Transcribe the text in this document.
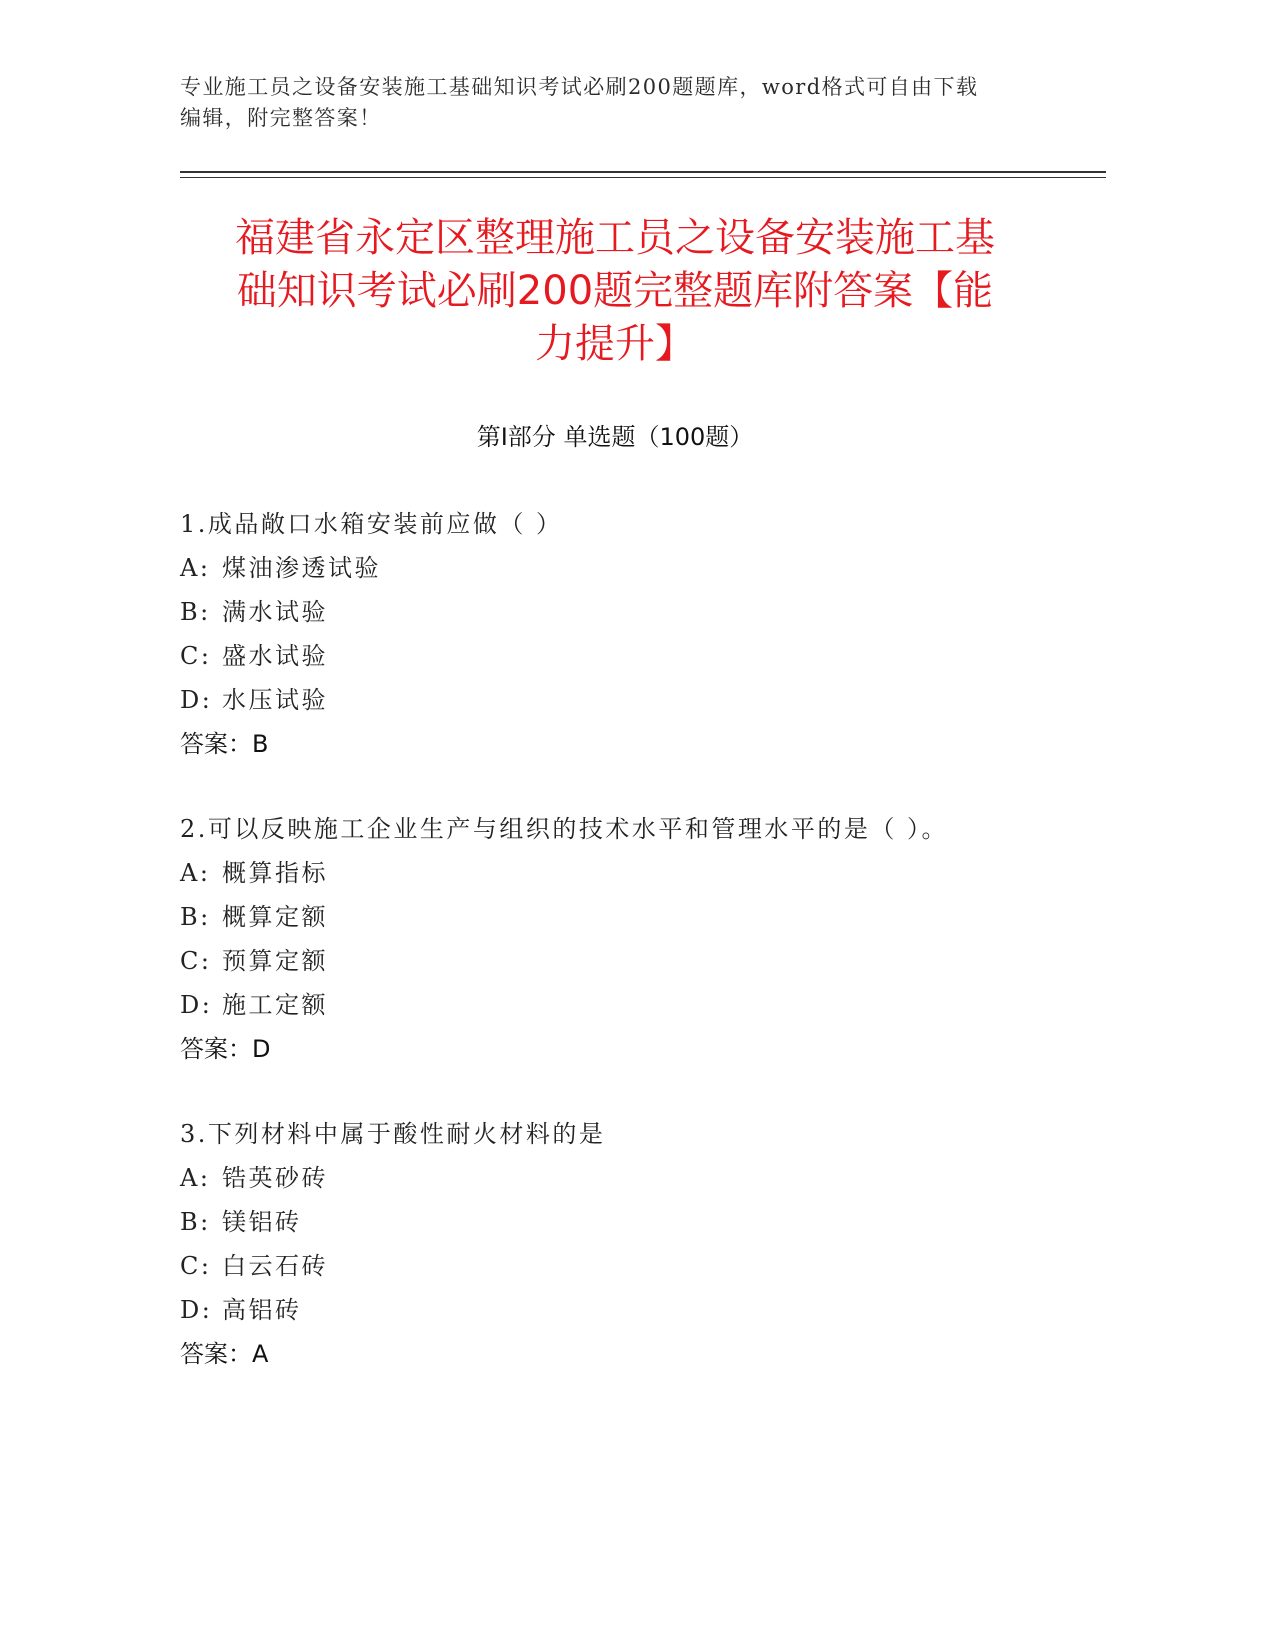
专业施工员之设备安装施工基础知识考试必刷200题题库，word格式可自由下载
编辑，附完整答案！
福建省永定区整理施工员之设备安装施工基
础知识考试必刷200题完整题库附答案【能
力提升】
第Ⅰ部分 单选题（100题）
1.成品敞口水箱安装前应做（ ）
A: 煤油渗透试验
B: 满水试验
C: 盛水试验
D: 水压试验
答案：B
2.可以反映施工企业生产与组织的技术水平和管理水平的是（ ）。
A: 概算指标
B: 概算定额
C: 预算定额
D: 施工定额
答案：D
3.下列材料中属于酸性耐火材料的是
A: 锆英砂砖
B: 镁铝砖
C: 白云石砖
D: 高铝砖
答案：A
